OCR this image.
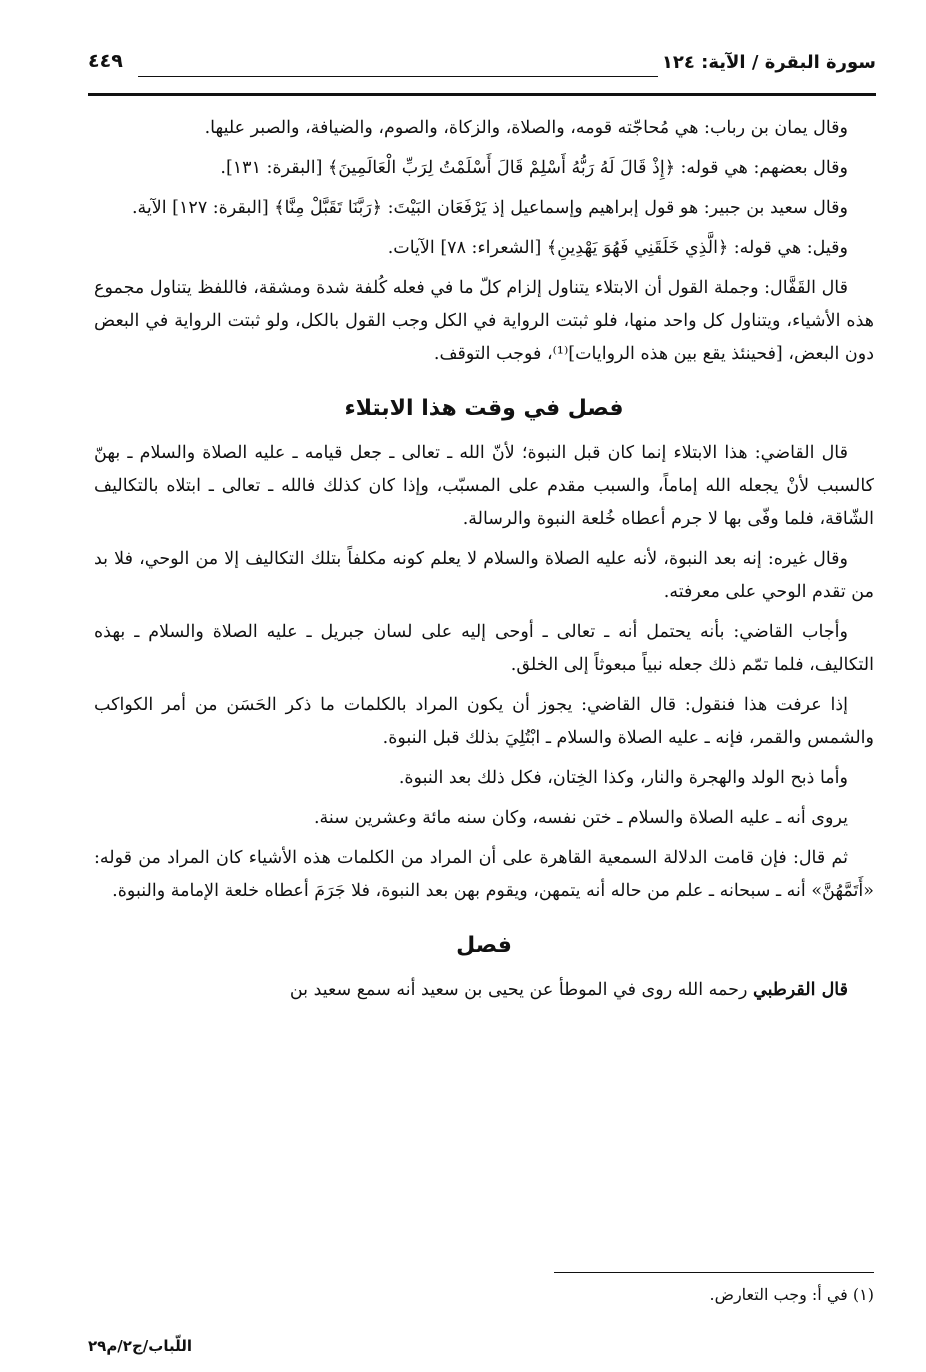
سورة البقرة / الآية: ١٢٤
٤٤٩

وقال يمان بن رباب: هي مُحاجّته قومه، والصلاة، والزكاة، والصوم، والضيافة، والصبر عليها.

وقال بعضهم: هي قوله: ﴿إِذْ قَالَ لَهُ رَبُّهُ أَسْلِمْ قَالَ أَسْلَمْتُ لِرَبِّ الْعَالَمِينَ﴾ [البقرة: ١٣١].

وقال سعيد بن جبير: هو قول إبراهيم وإسماعيل إذ يَرْفَعَان البَيْتَ: ﴿رَبَّنَا تَقَبَّلْ مِنَّا﴾ [البقرة: ١٢٧] الآية.

وقيل: هي قوله: ﴿الَّذِي خَلَقَنِي فَهُوَ يَهْدِينِ﴾ [الشعراء: ٧٨] الآيات.

قال القَفَّال: وجملة القول أن الابتلاء يتناول إلزام كلّ ما في فعله كُلفة شدة ومشقة، فاللفظ يتناول مجموع هذه الأشياء، ويتناول كل واحد منها، فلو ثبتت الرواية في الكل وجب القول بالكل، ولو ثبتت الرواية في البعض دون البعض، [فحينئذ يقع بين هذه الروايات]⁽¹⁾، فوجب التوقف.

فصل في وقت هذا الابتلاء

قال القاضي: هذا الابتلاء إنما كان قبل النبوة؛ لأنّ الله ـ تعالى ـ جعل قيامه ـ عليه الصلاة والسلام ـ بهنّ كالسبب لأنْ يجعله الله إماماً، والسبب مقدم على المسبّب، وإذا كان كذلك فالله ـ تعالى ـ ابتلاه بالتكاليف الشّاقة، فلما وفّى بها لا جرم أعطاه خُلعة النبوة والرسالة.

وقال غيره: إنه بعد النبوة، لأنه عليه الصلاة والسلام لا يعلم كونه مكلفاً بتلك التكاليف إلا من الوحي، فلا بد من تقدم الوحي على معرفته.

وأجاب القاضي: بأنه يحتمل أنه ـ تعالى ـ أوحى إليه على لسان جبريل ـ عليه الصلاة والسلام ـ بهذه التكاليف، فلما تمّم ذلك جعله نبياً مبعوثاً إلى الخلق.

إذا عرفت هذا فنقول: قال القاضي: يجوز أن يكون المراد بالكلمات ما ذكر الحَسَن من أمر الكواكب والشمس والقمر، فإنه ـ عليه الصلاة والسلام ـ ابْتُلِيَ بذلك قبل النبوة.

وأما ذبح الولد والهجرة والنار، وكذا الخِتان، فكل ذلك بعد النبوة.

يروى أنه ـ عليه الصلاة والسلام ـ ختن نفسه، وكان سنه مائة وعشرين سنة.

ثم قال: فإن قامت الدلالة السمعية القاهرة على أن المراد من الكلمات هذه الأشياء كان المراد من قوله: «أَتَمَّهُنَّ» أنه ـ سبحانه ـ علم من حاله أنه يتمهن، ويقوم بهن بعد النبوة، فلا جَرَمَ أعطاه خلعة الإمامة والنبوة.

فصل

قال القرطبي رحمه الله روى في الموطأ عن يحيى بن سعيد أنه سمع سعيد بن

(١) في أ: وجب التعارض.
اللّباب/ج٢/م٢٩
